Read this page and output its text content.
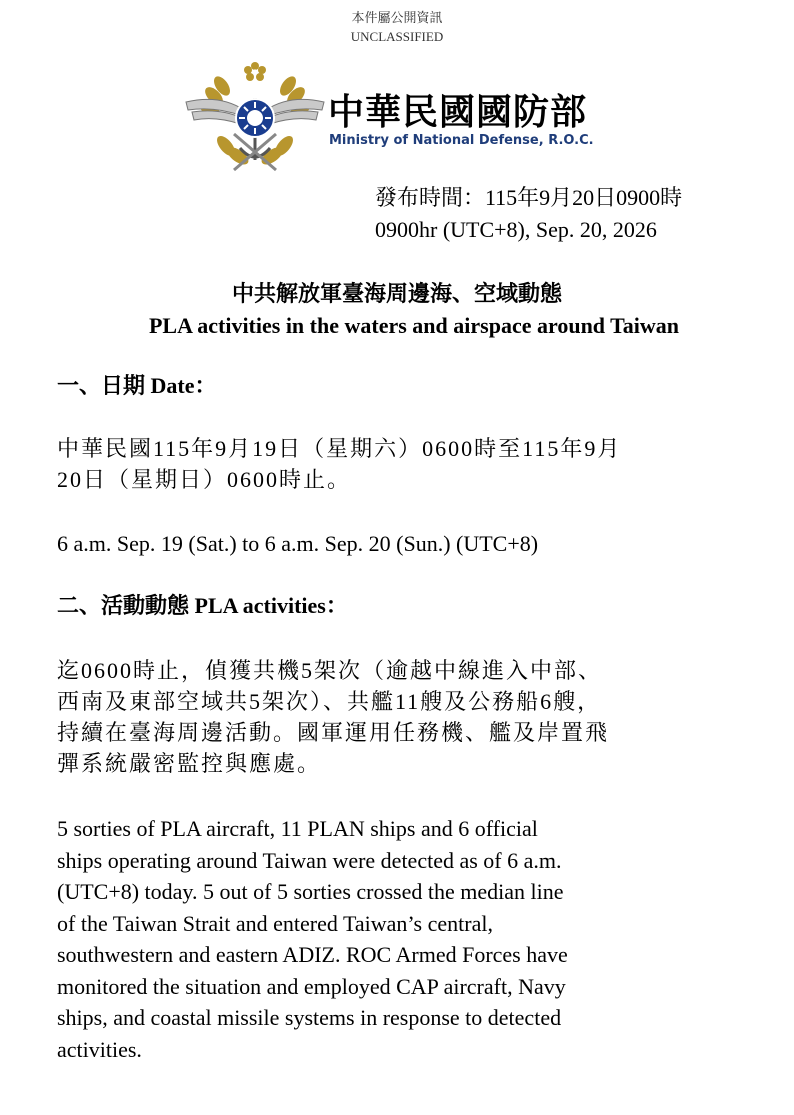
本件屬公開資訊
UNCLASSIFIED
中華民國國防部
Ministry of National Defense, R.O.C.
發布時間：115年9月20日0900時
0900hr (UTC+8), Sep. 20, 2026
中共解放軍臺海周邊海、空域動態
PLA activities in the waters and airspace around Taiwan
一、日期 Date：
中華民國115年9月19日（星期六）0600時至115年9月
20日（星期日）0600時止。
6 a.m. Sep. 19 (Sat.) to 6 a.m. Sep. 20 (Sun.) (UTC+8)
二、活動動態 PLA activities：
迄0600時止，偵獲共機5架次（逾越中線進入中部、
西南及東部空域共5架次）、共艦11艘及公務船6艘，
持續在臺海周邊活動。國軍運用任務機、艦及岸置飛
彈系統嚴密監控與應處。
5 sorties of PLA aircraft, 11 PLAN ships and 6 official
ships operating around Taiwan were detected as of 6 a.m.
(UTC+8) today. 5 out of 5 sorties crossed the median line
of the Taiwan Strait and entered Taiwan’s central,
southwestern and eastern ADIZ. ROC Armed Forces have
monitored the situation and employed CAP aircraft, Navy
ships, and coastal missile systems in response to detected
activities.
